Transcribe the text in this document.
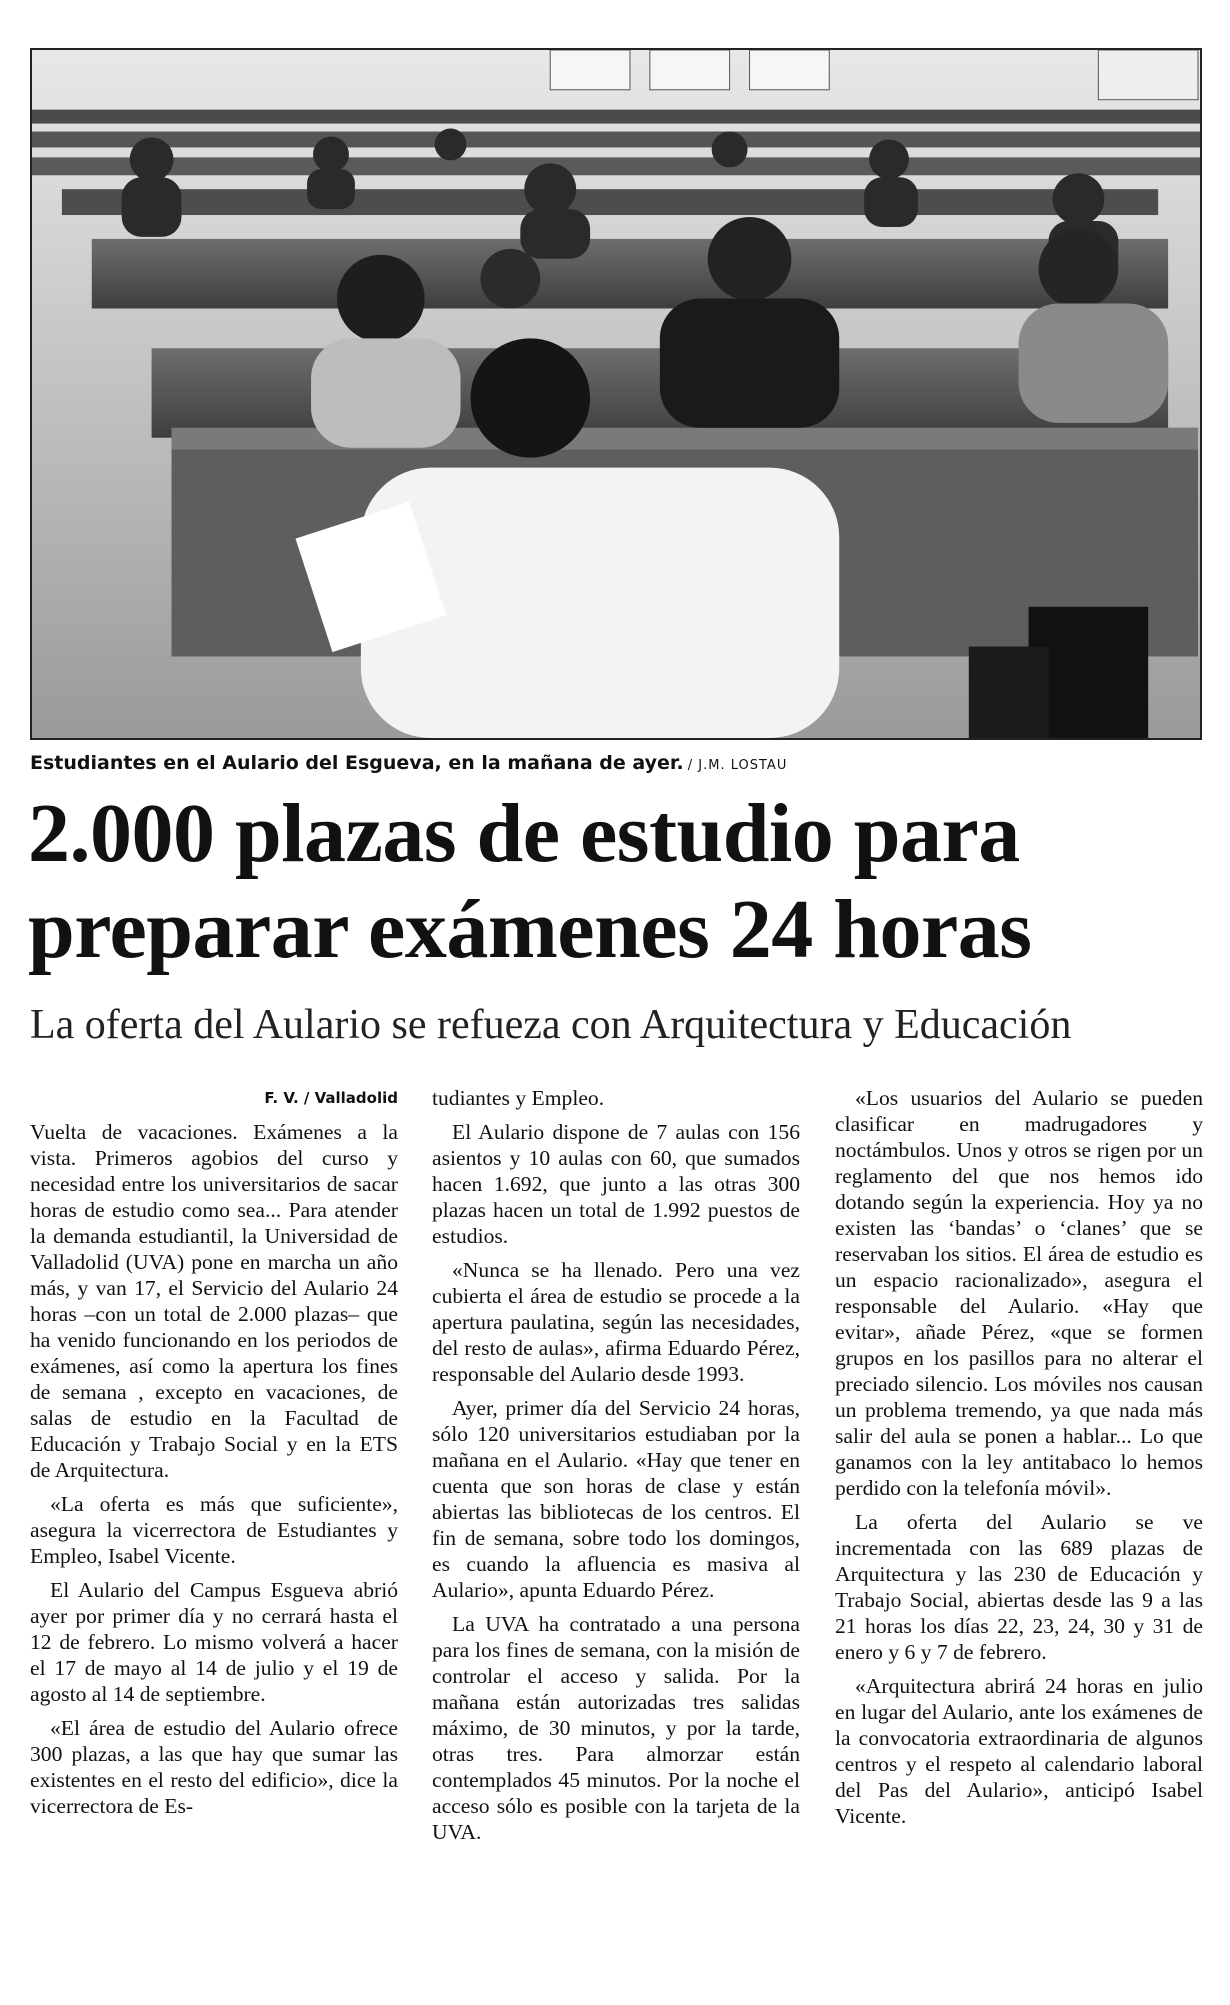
Estudiantes en el Aulario del Esgueva, en la mañana de ayer. / J.M. LOSTAU
2.000 plazas de estudio para
preparar exámenes 24 horas
La oferta del Aulario se refueza con Arquitectura y Educación

F. V. / Valladolid

Vuelta de vacaciones. Exámenes a la vista. Primeros agobios del curso y necesidad entre los universitarios de sacar horas de estudio como sea... Para atender la demanda estudiantil, la Universidad de Valladolid (UVA) pone en marcha un año más, y van 17, el Servicio del Aulario 24 horas –con un total de 2.000 plazas– que ha venido funcionando en los periodos de exámenes, así como la apertura los fines de semana , excepto en vacaciones, de salas de estudio en la Facultad de Educación y Trabajo Social y en la ETS de Arquitectura.

«La oferta es más que suficiente», asegura la vicerrectora de Estudiantes y Empleo, Isabel Vicente.

El Aulario del Campus Esgueva abrió ayer por primer día y no cerrará hasta el 12 de febrero. Lo mismo volverá a hacer el 17 de mayo al 14 de julio y el 19 de agosto al 14 de septiembre.

«El área de estudio del Aulario ofrece 300 plazas, a las que hay que sumar las existentes en el resto del edificio», dice la vicerrectora de Es-

tudiantes y Empleo.

El Aulario dispone de 7 aulas con 156 asientos y 10 aulas con 60, que sumados hacen 1.692, que junto a las otras 300 plazas hacen un total de 1.992 puestos de estudios.

«Nunca se ha llenado. Pero una vez cubierta el área de estudio se procede a la apertura paulatina, según las necesidades, del resto de aulas», afirma Eduardo Pérez, responsable del Aulario desde 1993.

Ayer, primer día del Servicio 24 horas, sólo 120 universitarios estudiaban por la mañana en el Aulario. «Hay que tener en cuenta que son horas de clase y están abiertas las bibliotecas de los centros. El fin de semana, sobre todo los domingos, es cuando la afluencia es masiva al Aulario», apunta Eduardo Pérez.

La UVA ha contratado a una persona para los fines de semana, con la misión de controlar el acceso y salida. Por la mañana están autorizadas tres salidas máximo, de 30 minutos, y por la tarde, otras tres. Para almorzar están contemplados 45 minutos. Por la noche el acceso sólo es posible con la tarjeta de la UVA.

«Los usuarios del Aulario se pueden clasificar en madrugadores y noctámbulos. Unos y otros se rigen por un reglamento del que nos hemos ido dotando según la experiencia. Hoy ya no existen las ‘bandas’ o ‘clanes’ que se reservaban los sitios. El área de estudio es un espacio racionalizado», asegura el responsable del Aulario. «Hay que evitar», añade Pérez, «que se formen grupos en los pasillos para no alterar el preciado silencio. Los móviles nos causan un problema tremendo, ya que nada más salir del aula se ponen a hablar... Lo que ganamos con la ley antitabaco lo hemos perdido con la telefonía móvil».

La oferta del Aulario se ve incrementada con las 689 plazas de Arquitectura y las 230 de Educación y Trabajo Social, abiertas desde las 9 a las 21 horas los días 22, 23, 24, 30 y 31 de enero y 6 y 7 de febrero.

«Arquitectura abrirá 24 horas en julio en lugar del Aulario, ante los exámenes de la convocatoria extraordinaria de algunos centros y el respeto al calendario laboral del Pas del Aulario», anticipó Isabel Vicente.
